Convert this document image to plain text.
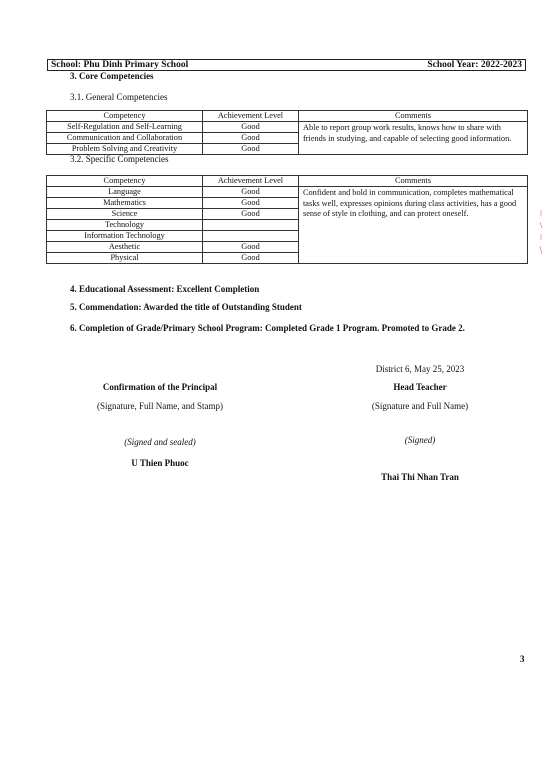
School: Phu Dinh Primary School	School Year: 2022-2023
3. Core Competencies
3.1. General Competencies
Competency	Achievement Level	Comments
Self-Regulation and Self-Learning	Good	Able to report group work results, knows how to share with friends in studying, and capable of selecting good information.
Communication and Collaboration	Good	
Problem Solving and Creativity	Good	
3.2. Specific Competencies
Competency	Achievement Level	Comments
Language	Good	Confident and bold in communication, completes mathematical tasks well, expresses opinions during class activities, has a good sense of style in clothing, and can protect oneself.
Mathematics	Good	
Science	Good	
Technology		
Information Technology		
Aesthetic	Good	
Physical	Good	
4. Educational Assessment: Excellent Completion
5. Commendation: Awarded the title of Outstanding Student
6. Completion of Grade/Primary School Program: Completed Grade 1 Program. Promoted to Grade 2.
District 6, May 25, 2023
Confirmation of the Principal
(Signature, Full Name, and Stamp)
(Signed and sealed)
U Thien Phuoc
Head Teacher
(Signature and Full Name)
(Signed)
Thai Thi Nhan Tran
3
